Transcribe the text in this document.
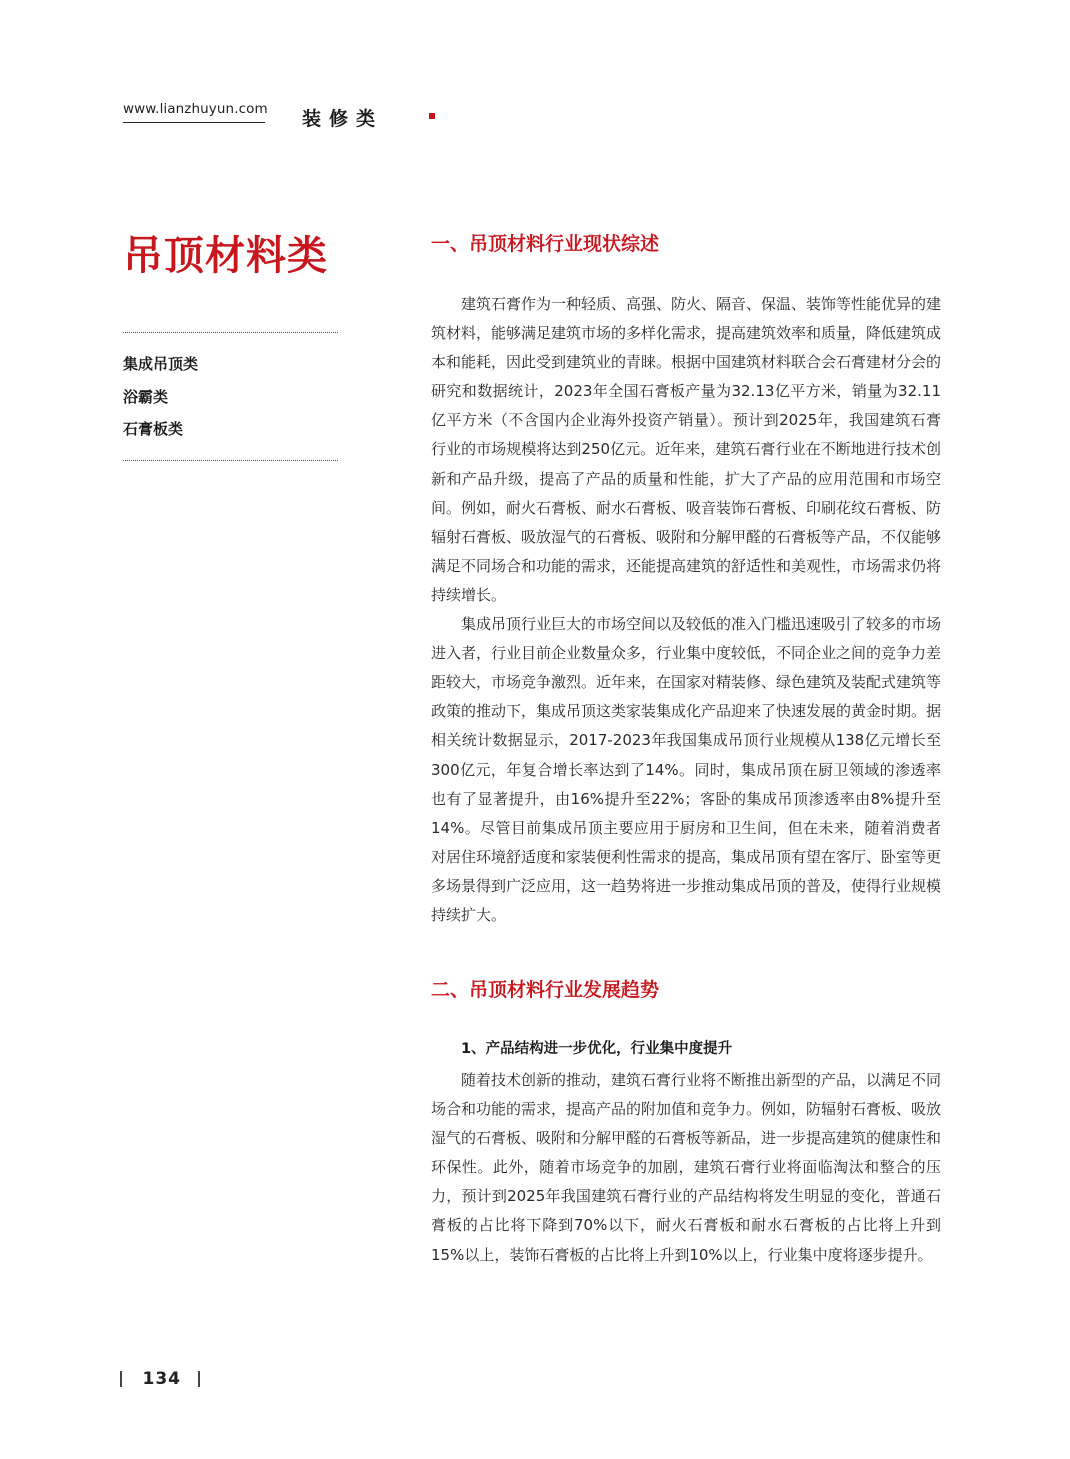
www.lianzhuyun.com 装修类
吊顶材料类
集成吊顶类
浴霸类
石膏板类
一、吊顶材料行业现状综述

建筑石膏作为一种轻质、高强、防火、隔音、保温、装饰等性能优异的建筑材料，能够满足建筑市场的多样化需求，提高建筑效率和质量，降低建筑成本和能耗，因此受到建筑业的青睐。根据中国建筑材料联合会石膏建材分会的研究和数据统计，2023年全国石膏板产量为32.13亿平方米，销量为32.11亿平方米（不含国内企业海外投资产销量）。预计到2025年，我国建筑石膏行业的市场规模将达到250亿元。近年来，建筑石膏行业在不断地进行技术创新和产品升级，提高了产品的质量和性能，扩大了产品的应用范围和市场空间。例如，耐火石膏板、耐水石膏板、吸音装饰石膏板、印刷花纹石膏板、防辐射石膏板、吸放湿气的石膏板、吸附和分解甲醛的石膏板等产品，不仅能够满足不同场合和功能的需求，还能提高建筑的舒适性和美观性，市场需求仍将持续增长。

集成吊顶行业巨大的市场空间以及较低的准入门槛迅速吸引了较多的市场进入者，行业目前企业数量众多，行业集中度较低，不同企业之间的竞争力差距较大，市场竞争激烈。近年来，在国家对精装修、绿色建筑及装配式建筑等政策的推动下，集成吊顶这类家装集成化产品迎来了快速发展的黄金时期。据相关统计数据显示，2017-2023年我国集成吊顶行业规模从138亿元增长至300亿元，年复合增长率达到了14%。同时，集成吊顶在厨卫领域的渗透率也有了显著提升，由16%提升至22%；客卧的集成吊顶渗透率由8%提升至14%。尽管目前集成吊顶主要应用于厨房和卫生间，但在未来，随着消费者对居住环境舒适度和家装便利性需求的提高，集成吊顶有望在客厅、卧室等更多场景得到广泛应用，这一趋势将进一步推动集成吊顶的普及，使得行业规模持续扩大。

二、吊顶材料行业发展趋势
1、产品结构进一步优化，行业集中度提升

随着技术创新的推动，建筑石膏行业将不断推出新型的产品，以满足不同场合和功能的需求，提高产品的附加值和竞争力。例如，防辐射石膏板、吸放湿气的石膏板、吸附和分解甲醛的石膏板等新品，进一步提高建筑的健康性和环保性。此外，随着市场竞争的加剧，建筑石膏行业将面临淘汰和整合的压力，预计到2025年我国建筑石膏行业的产品结构将发生明显的变化，普通石膏板的占比将下降到70%以下，耐火石膏板和耐水石膏板的占比将上升到15%以上，装饰石膏板的占比将上升到10%以上，行业集中度将逐步提升。

134
